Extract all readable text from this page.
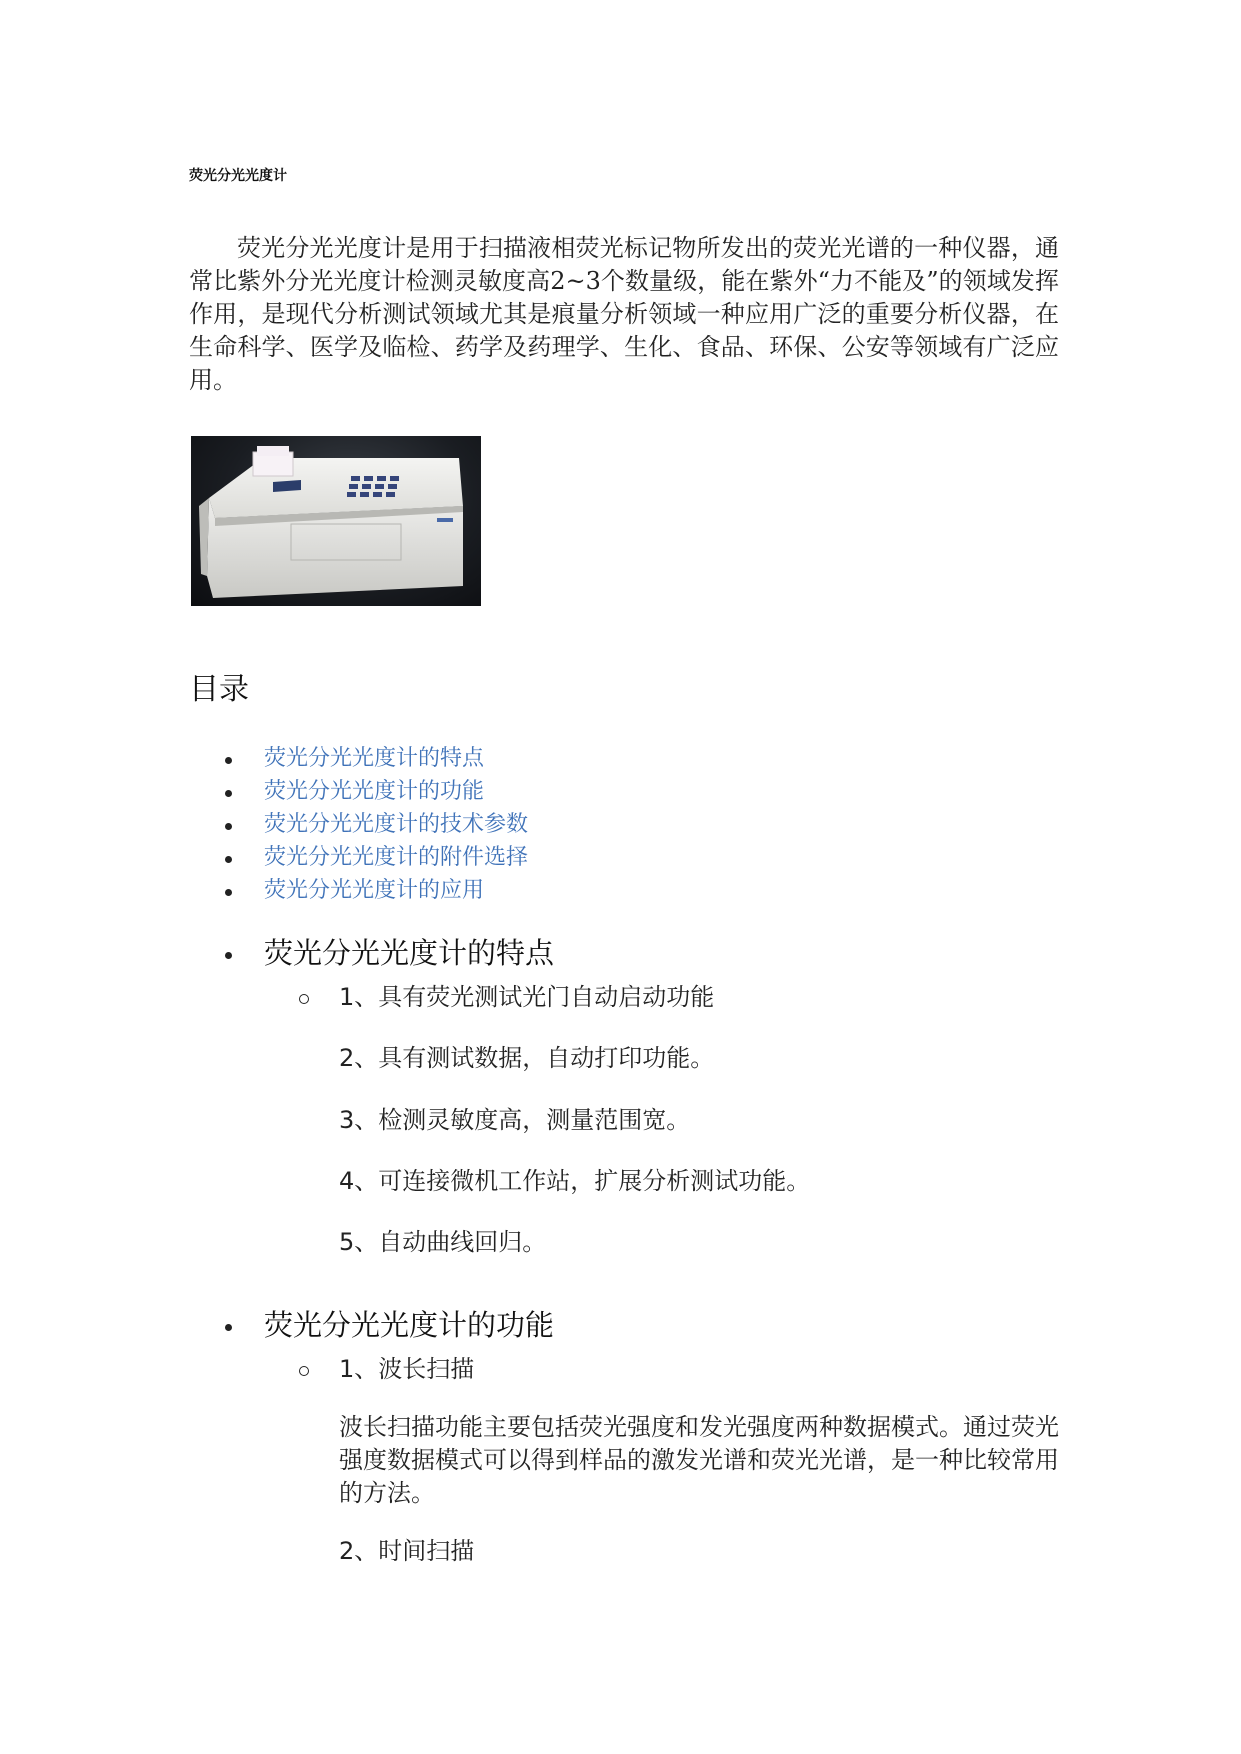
荧光分光光度计

荧光分光光度计是用于扫描液相荧光标记物所发出的荧光光谱的一种仪器，通常比紫外分光光度计检测灵敏度高2~3个数量级，能在紫外“力不能及”的领域发挥作用，是现代分析测试领域尤其是痕量分析领域一种应用广泛的重要分析仪器，在生命科学、医学及临检、药学及药理学、生化、食品、环保、公安等领域有广泛应用。

目录
荧光分光光度计的特点
荧光分光光度计的功能
荧光分光光度计的技术参数
荧光分光光度计的附件选择
荧光分光光度计的应用
荧光分光光度计的特点
1、具有荧光测试光门自动启动功能
2、具有测试数据，自动打印功能。
3、检测灵敏度高，测量范围宽。
4、可连接微机工作站，扩展分析测试功能。
5、自动曲线回归。
荧光分光光度计的功能
1、波长扫描
波长扫描功能主要包括荧光强度和发光强度两种数据模式。通过荧光强度数据模式可以得到样品的激发光谱和荧光光谱，是一种比较常用的方法。
2、时间扫描
